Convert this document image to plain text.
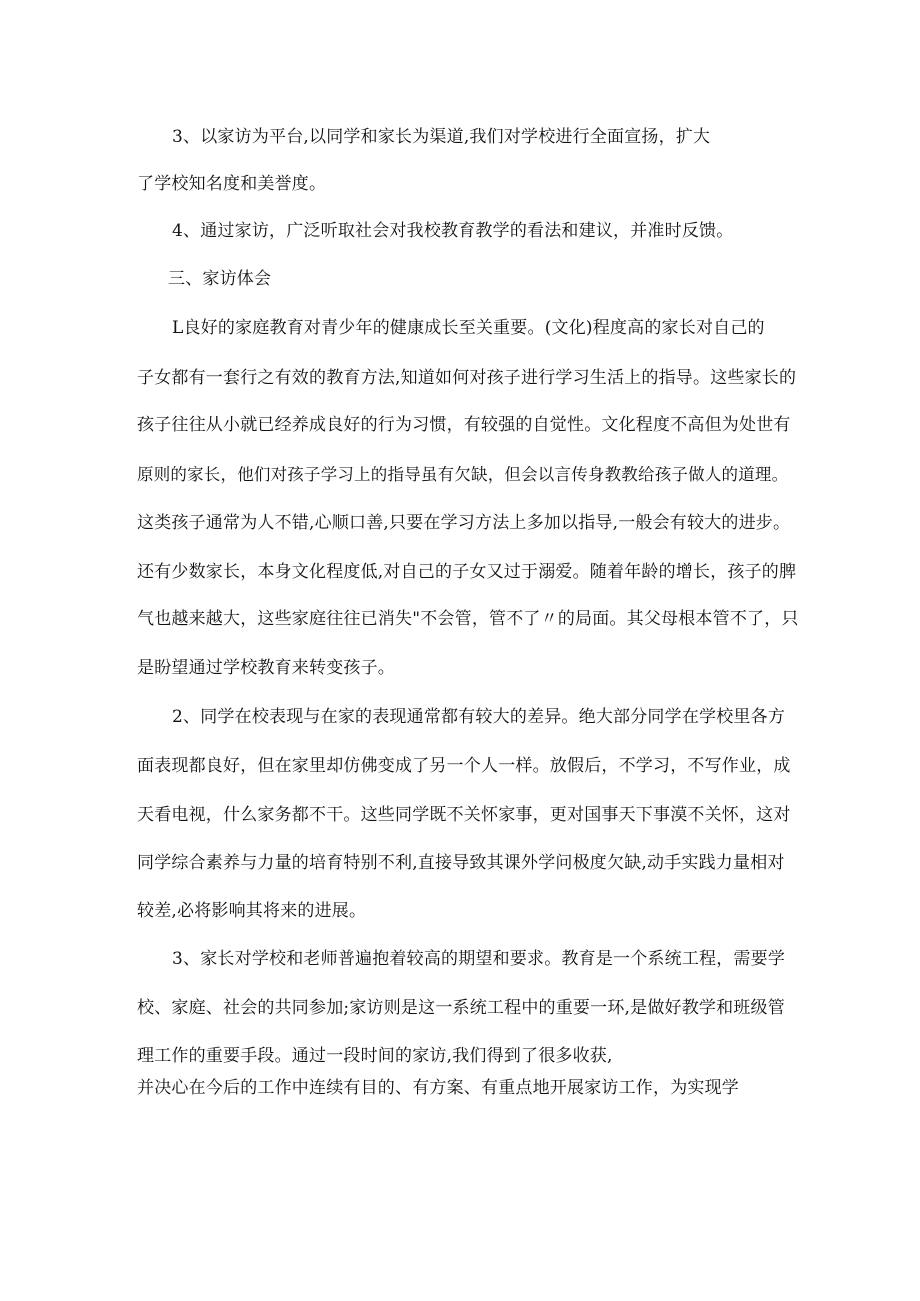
3、以家访为平台,以同学和家长为渠道,我们对学校进行全面宣扬，扩大
了学校知名度和美誉度。
4、通过家访，广泛听取社会对我校教育教学的看法和建议，并准时反馈。
三、家访体会
L良好的家庭教育对青少年的健康成长至关重要。(文化)程度高的家长对自己的
子女都有一套行之有效的教育方法,知道如何对孩子进行学习生活上的指导。这些家长的
孩子往往从小就已经养成良好的行为习惯，有较强的自觉性。文化程度不高但为处世有
原则的家长，他们对孩子学习上的指导虽有欠缺，但会以言传身教教给孩子做人的道理。
这类孩子通常为人不错,心顺口善,只要在学习方法上多加以指导,一般会有较大的进步。
还有少数家长，本身文化程度低,对自己的子女又过于溺爱。随着年龄的增长，孩子的脾
气也越来越大，这些家庭往往已消失"不会管，管不了〃的局面。其父母根本管不了，只
是盼望通过学校教育来转变孩子。
2、同学在校表现与在家的表现通常都有较大的差异。绝大部分同学在学校里各方
面表现都良好，但在家里却仿佛变成了另一个人一样。放假后，不学习，不写作业，成
天看电视，什么家务都不干。这些同学既不关怀家事，更对国事天下事漠不关怀，这对
同学综合素养与力量的培育特别不利,直接导致其课外学问极度欠缺,动手实践力量相对
较差,必将影响其将来的进展。
3、家长对学校和老师普遍抱着较高的期望和要求。教育是一个系统工程，需要学
校、家庭、社会的共同参加;家访则是这一系统工程中的重要一环,是做好教学和班级管
理工作的重要手段。通过一段时间的家访,我们得到了很多收获,
并决心在今后的工作中连续有目的、有方案、有重点地开展家访工作，为实现学
